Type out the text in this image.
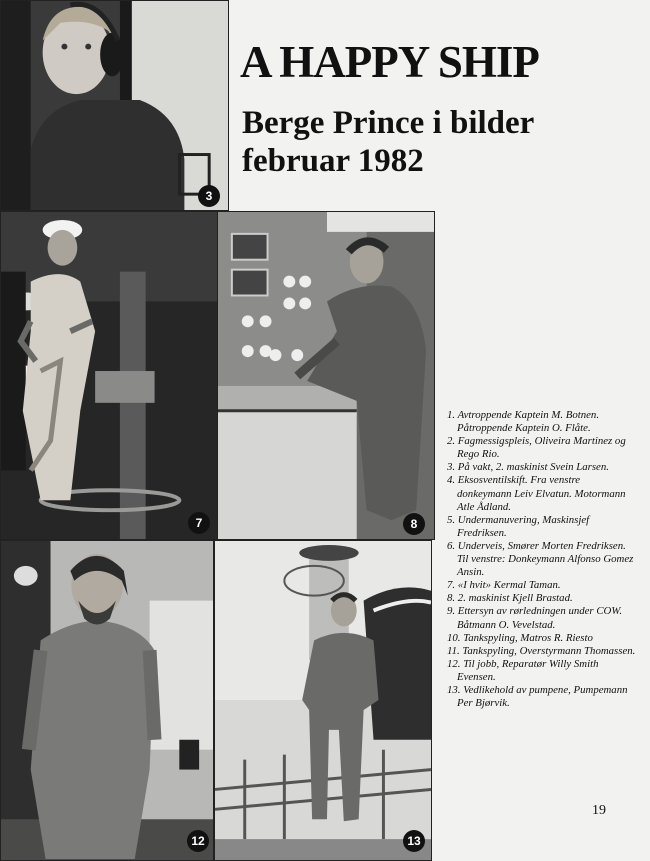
3
7	8
12	13
A HAPPY SHIP
Berge Prince i bilder februar 1982
1. Avtroppende Kaptein M. Botnen. Påtroppende Kaptein O. Flåte.
2. Fagmessigspleis, Oliveira Martinez og Rego Rio.
3. På vakt, 2. maskinist Svein Larsen.
4. Eksosventilskift. Fra venstre donkeymann Leiv Elvatun. Motormann Atle Ådland.
5. Undermanuvering, Maskinsjef Fredriksen.
6. Underveis, Smører Morten Fredriksen. Til venstre: Donkeymann Alfonso Gomez Ansin.
7. «I hvit» Kermal Taman.
8. 2. maskinist Kjell Brastad.
9. Ettersyn av rørledningen under COW. Båtmann O. Vevelstad.
10. Tankspyling, Matros R. Riesto
11. Tankspyling, Overstyrmann Thomassen.
12. Til jobb, Reparatør Willy Smith Evensen.
13. Vedlikehold av pumpene, Pumpemann Per Bjørvik.
19
